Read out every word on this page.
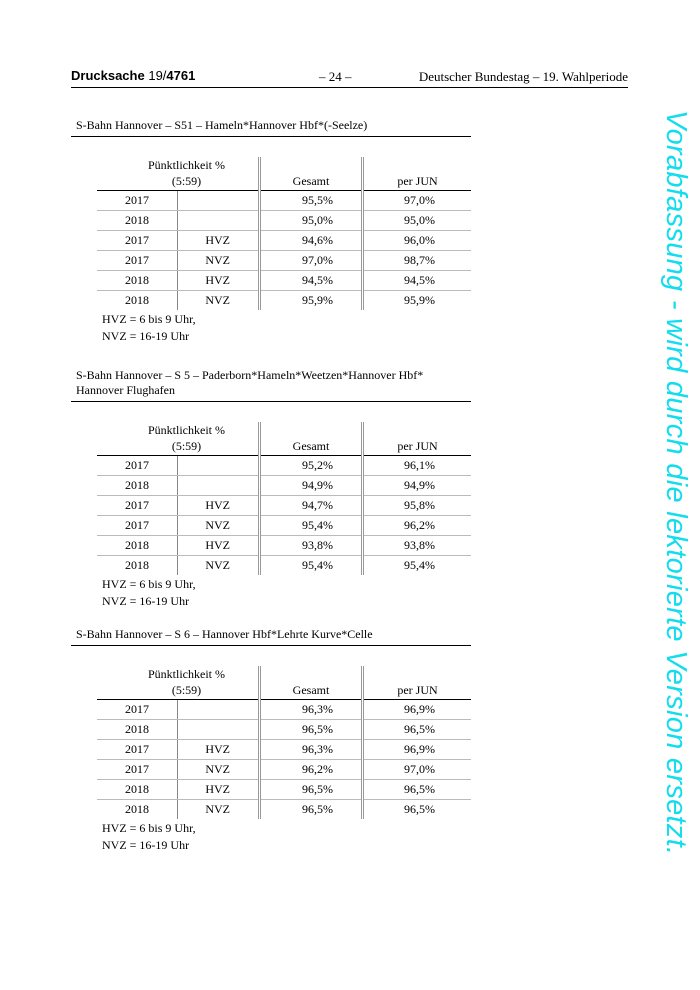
Drucksache 19/4761	– 24 –	Deutscher Bundestag – 19. Wahlperiode
S-Bahn Hannover – S51 – Hameln*Hannover Hbf*(-Seelze)
Pünktlichkeit %
(5:59)		Gesamt	per JUN
2017		95,5%	97,0%
2018		95,0%	95,0%
2017	HVZ	94,6%	96,0%
2017	NVZ	97,0%	98,7%
2018	HVZ	94,5%	94,5%
2018	NVZ	95,9%	95,9%
HVZ = 6 bis 9 Uhr,
NVZ = 16-19 Uhr
S-Bahn Hannover – S 5 – Paderborn*Hameln*Weetzen*Hannover Hbf*
Hannover Flughafen
Pünktlichkeit %
(5:59)		Gesamt	per JUN
2017		95,2%	96,1%
2018		94,9%	94,9%
2017	HVZ	94,7%	95,8%
2017	NVZ	95,4%	96,2%
2018	HVZ	93,8%	93,8%
2018	NVZ	95,4%	95,4%
HVZ = 6 bis 9 Uhr,
NVZ = 16-19 Uhr
S-Bahn Hannover – S 6 – Hannover Hbf*Lehrte Kurve*Celle
Pünktlichkeit %
(5:59)		Gesamt	per JUN
2017		96,3%	96,9%
2018		96,5%	96,5%
2017	HVZ	96,3%	96,9%
2017	NVZ	96,2%	97,0%
2018	HVZ	96,5%	96,5%
2018	NVZ	96,5%	96,5%
HVZ = 6 bis 9 Uhr,
NVZ = 16-19 Uhr	Vorabfassung - wird durch die lektorierte Version ersetzt.
